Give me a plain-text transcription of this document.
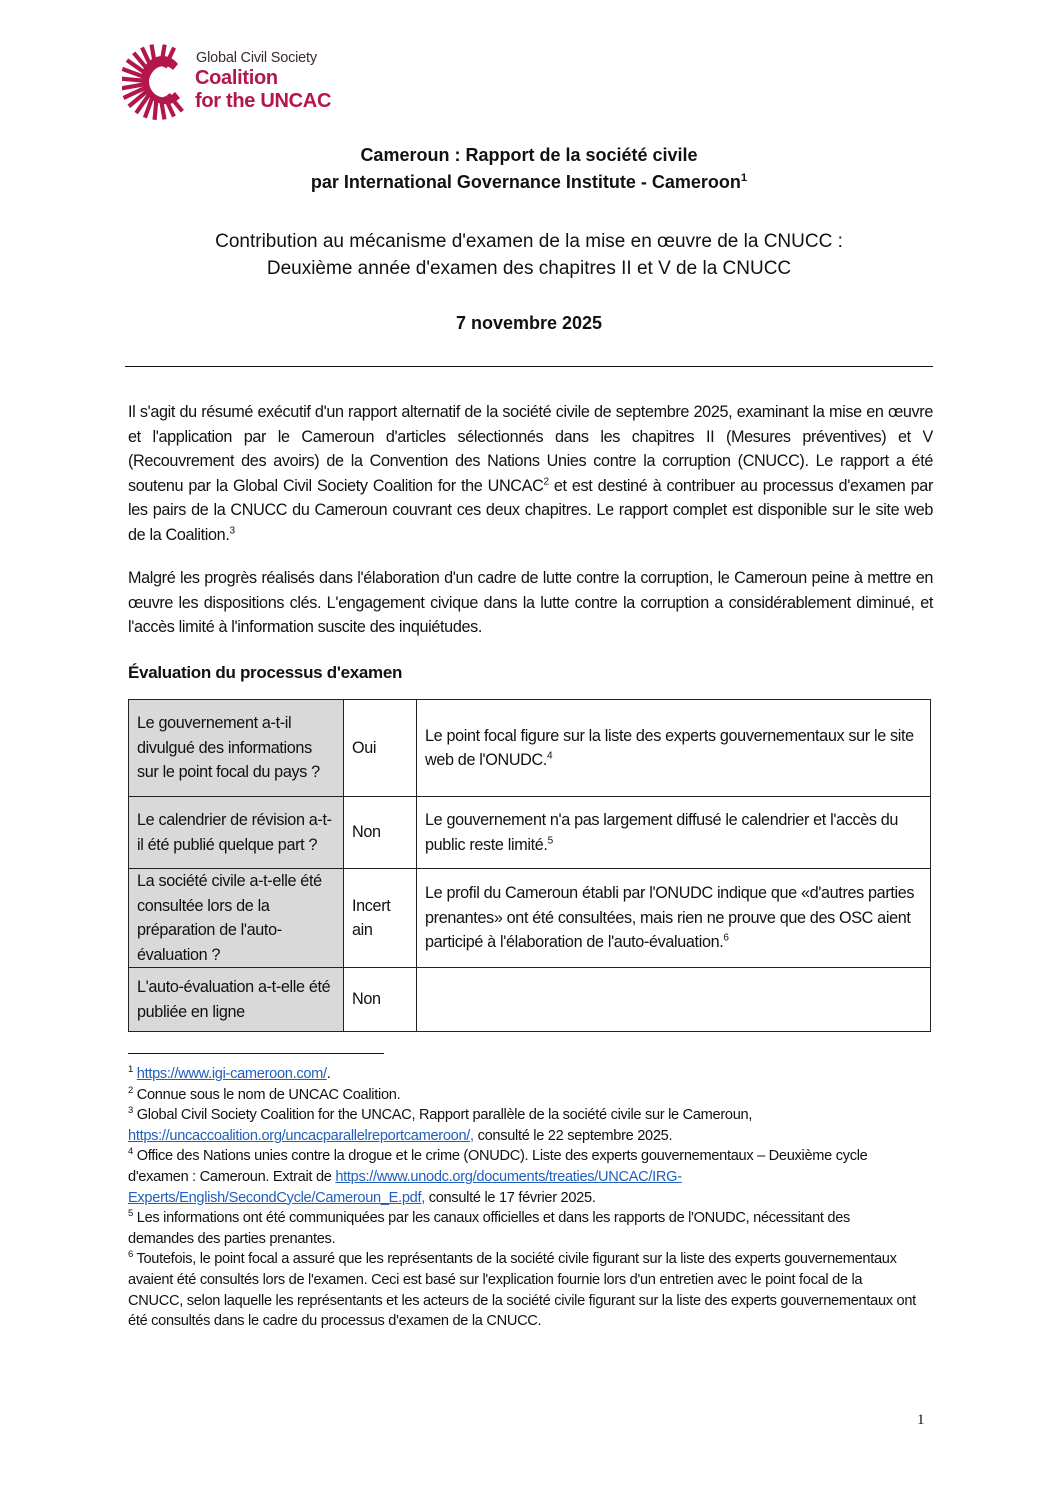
Global Civil Society
Coalition
for the UNCAC
Cameroun : Rapport de la société civile
par International Governance Institute - Cameroon$^1$
Contribution au mécanisme d'examen de la mise en œuvre de la CNUCC :
Deuxième année d'examen des chapitres II et V de la CNUCC
7 novembre 2025
Il s'agit du résumé exécutif d'un rapport alternatif de la société civile de septembre 2025, examinant la mise en œuvre et l'application par le Cameroun d'articles sélectionnés dans les chapitres II (Mesures préventives) et V (Recouvrement des avoirs) de la Convention des Nations Unies contre la corruption (CNUCC). Le rapport a été soutenu par la Global Civil Society Coalition for the UNCAC$^2$ et est destiné à contribuer au processus d'examen par les pairs de la CNUCC du Cameroun couvrant ces deux chapitres. Le rapport complet est disponible sur le site web de la Coalition.$^3$
Malgré les progrès réalisés dans l'élaboration d'un cadre de lutte contre la corruption, le Cameroun peine à mettre en œuvre les dispositions clés. L'engagement civique dans la lutte contre la corruption a considérablement diminué, et l'accès limité à l'information suscite des inquiétudes.
Évaluation du processus d'examen
Le gouvernement a-t-il divulgué des informations sur le point focal du pays ?	Oui	Le point focal figure sur la liste des experts gouvernementaux sur le site web de l'ONUDC.$^4$
Le calendrier de révision a-t-il été publié quelque part ?	Non	Le gouvernement n'a pas largement diffusé le calendrier et l'accès du public reste limité.$^5$
La société civile a-t-elle été consultée lors de la préparation de l'auto-évaluation ?	Incert ain	Le profil du Cameroun établi par l'ONUDC indique que «d'autres parties prenantes» ont été consultées, mais rien ne prouve que des OSC aient participé à l'élaboration de l'auto-évaluation.$^6$
L'auto-évaluation a-t-elle été publiée en ligne	Non	

$^1$ https://www.igi-cameroon.com/.

$^2$ Connue sous le nom de UNCAC Coalition.

$^3$ Global Civil Society Coalition for the UNCAC, Rapport parallèle de la société civile sur le Cameroun, https://uncaccoalition.org/uncacparallelreportcameroon/, consulté le 22 septembre 2025.

$^4$ Office des Nations unies contre la drogue et le crime (ONUDC). Liste des experts gouvernementaux – Deuxième cycle d'examen : Cameroun. Extrait de https://www.unodc.org/documents/treaties/UNCAC/IRG-Experts/English/SecondCycle/Cameroun_E.pdf, consulté le 17 février 2025.

$^5$ Les informations ont été communiquées par les canaux officielles et dans les rapports de l'ONUDC, nécessitant des demandes des parties prenantes.

$^6$ Toutefois, le point focal a assuré que les représentants de la société civile figurant sur la liste des experts gouvernementaux avaient été consultés lors de l'examen. Ceci est basé sur l'explication fournie lors d'un entretien avec le point focal de la CNUCC, selon laquelle les représentants et les acteurs de la société civile figurant sur la liste des experts gouvernementaux ont été consultés dans le cadre du processus d'examen de la CNUCC.

1
